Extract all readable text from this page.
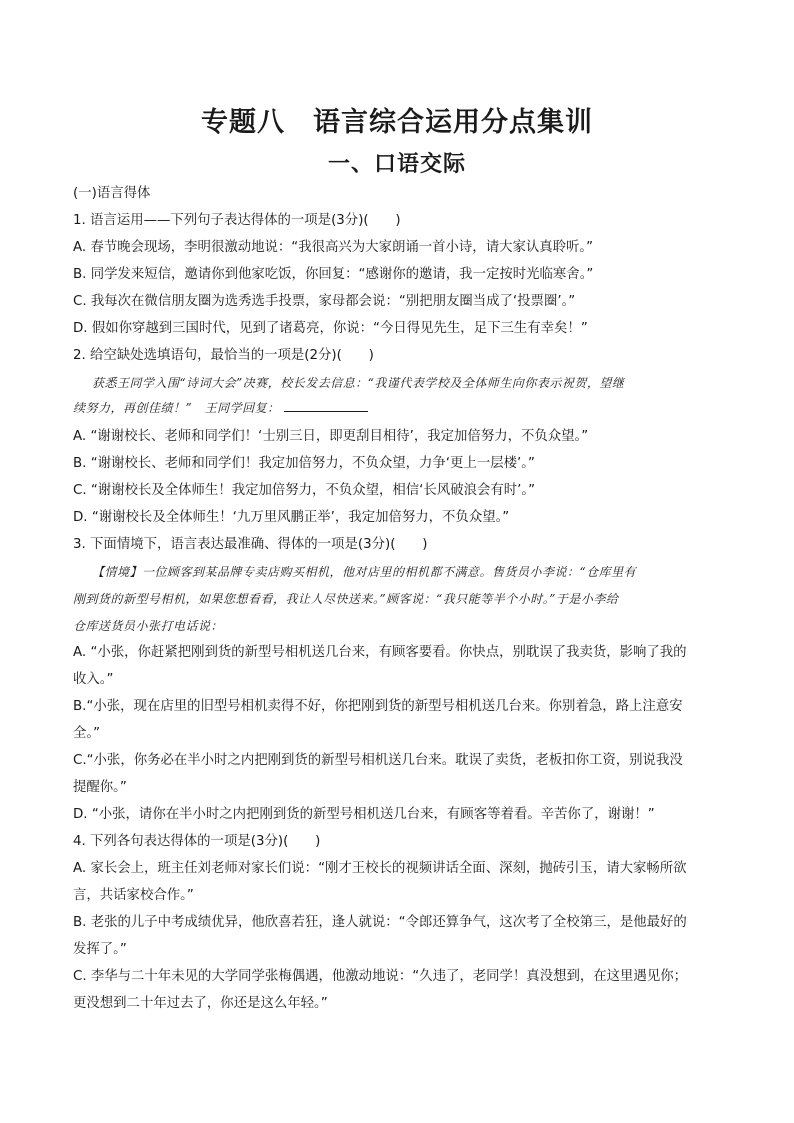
专题八　语言综合运用分点集训
一、口语交际
(一)语言得体
1. 语言运用——下列句子表达得体的一项是(3分)(　　)
A. 春节晚会现场，李明很激动地说：“我很高兴为大家朗诵一首小诗，请大家认真聆听。”
B. 同学发来短信，邀请你到他家吃饭，你回复：“感谢你的邀请，我一定按时光临寒舍。”
C. 我每次在微信朋友圈为选秀选手投票，家母都会说：“别把朋友圈当成了‘投票圈’。”
D. 假如你穿越到三国时代，见到了诸葛亮，你说：“今日得见先生，足下三生有幸矣！”
2. 给空缺处选填语句，最恰当的一项是(2分)(　　)
获悉王同学入围“诗词大会”决赛，校长发去信息：“我谨代表学校及全体师生向你表示祝贺，望继
续努力，再创佳绩！”　王同学回复：
A. “谢谢校长、老师和同学们！‘士别三日，即更刮目相待’，我定加倍努力，不负众望。”
B. “谢谢校长、老师和同学们！我定加倍努力，不负众望，力争‘更上一层楼’。”
C. “谢谢校长及全体师生！我定加倍努力，不负众望，相信‘长风破浪会有时’。”
D. “谢谢校长及全体师生！‘九万里风鹏正举’，我定加倍努力，不负众望。”
3. 下面情境下，语言表达最准确、得体的一项是(3分)(　　)
【情境】一位顾客到某品牌专卖店购买相机，他对店里的相机都不满意。售货员小李说：“仓库里有
刚到货的新型号相机，如果您想看看，我让人尽快送来。”顾客说：“我只能等半个小时。”于是小李给
仓库送货员小张打电话说：
A. “小张，你赶紧把刚到货的新型号相机送几台来，有顾客要看。你快点，别耽误了我卖货，影响了我的
收入。”
B.“小张，现在店里的旧型号相机卖得不好，你把刚到货的新型号相机送几台来。你别着急，路上注意安
全。”
C.“小张，你务必在半小时之内把刚到货的新型号相机送几台来。耽误了卖货，老板扣你工资，别说我没
提醒你。”
D. “小张，请你在半小时之内把刚到货的新型号相机送几台来，有顾客等着看。辛苦你了，谢谢！”
4. 下列各句表达得体的一项是(3分)(　　)
A. 家长会上，班主任刘老师对家长们说：“刚才王校长的视频讲话全面、深刻，抛砖引玉，请大家畅所欲
言，共话家校合作。”
B. 老张的儿子中考成绩优异，他欣喜若狂，逢人就说：“令郎还算争气，这次考了全校第三，是他最好的
发挥了。”
C. 李华与二十年未见的大学同学张梅偶遇，他激动地说：“久违了，老同学！真没想到，在这里遇见你；
更没想到二十年过去了，你还是这么年轻。”
